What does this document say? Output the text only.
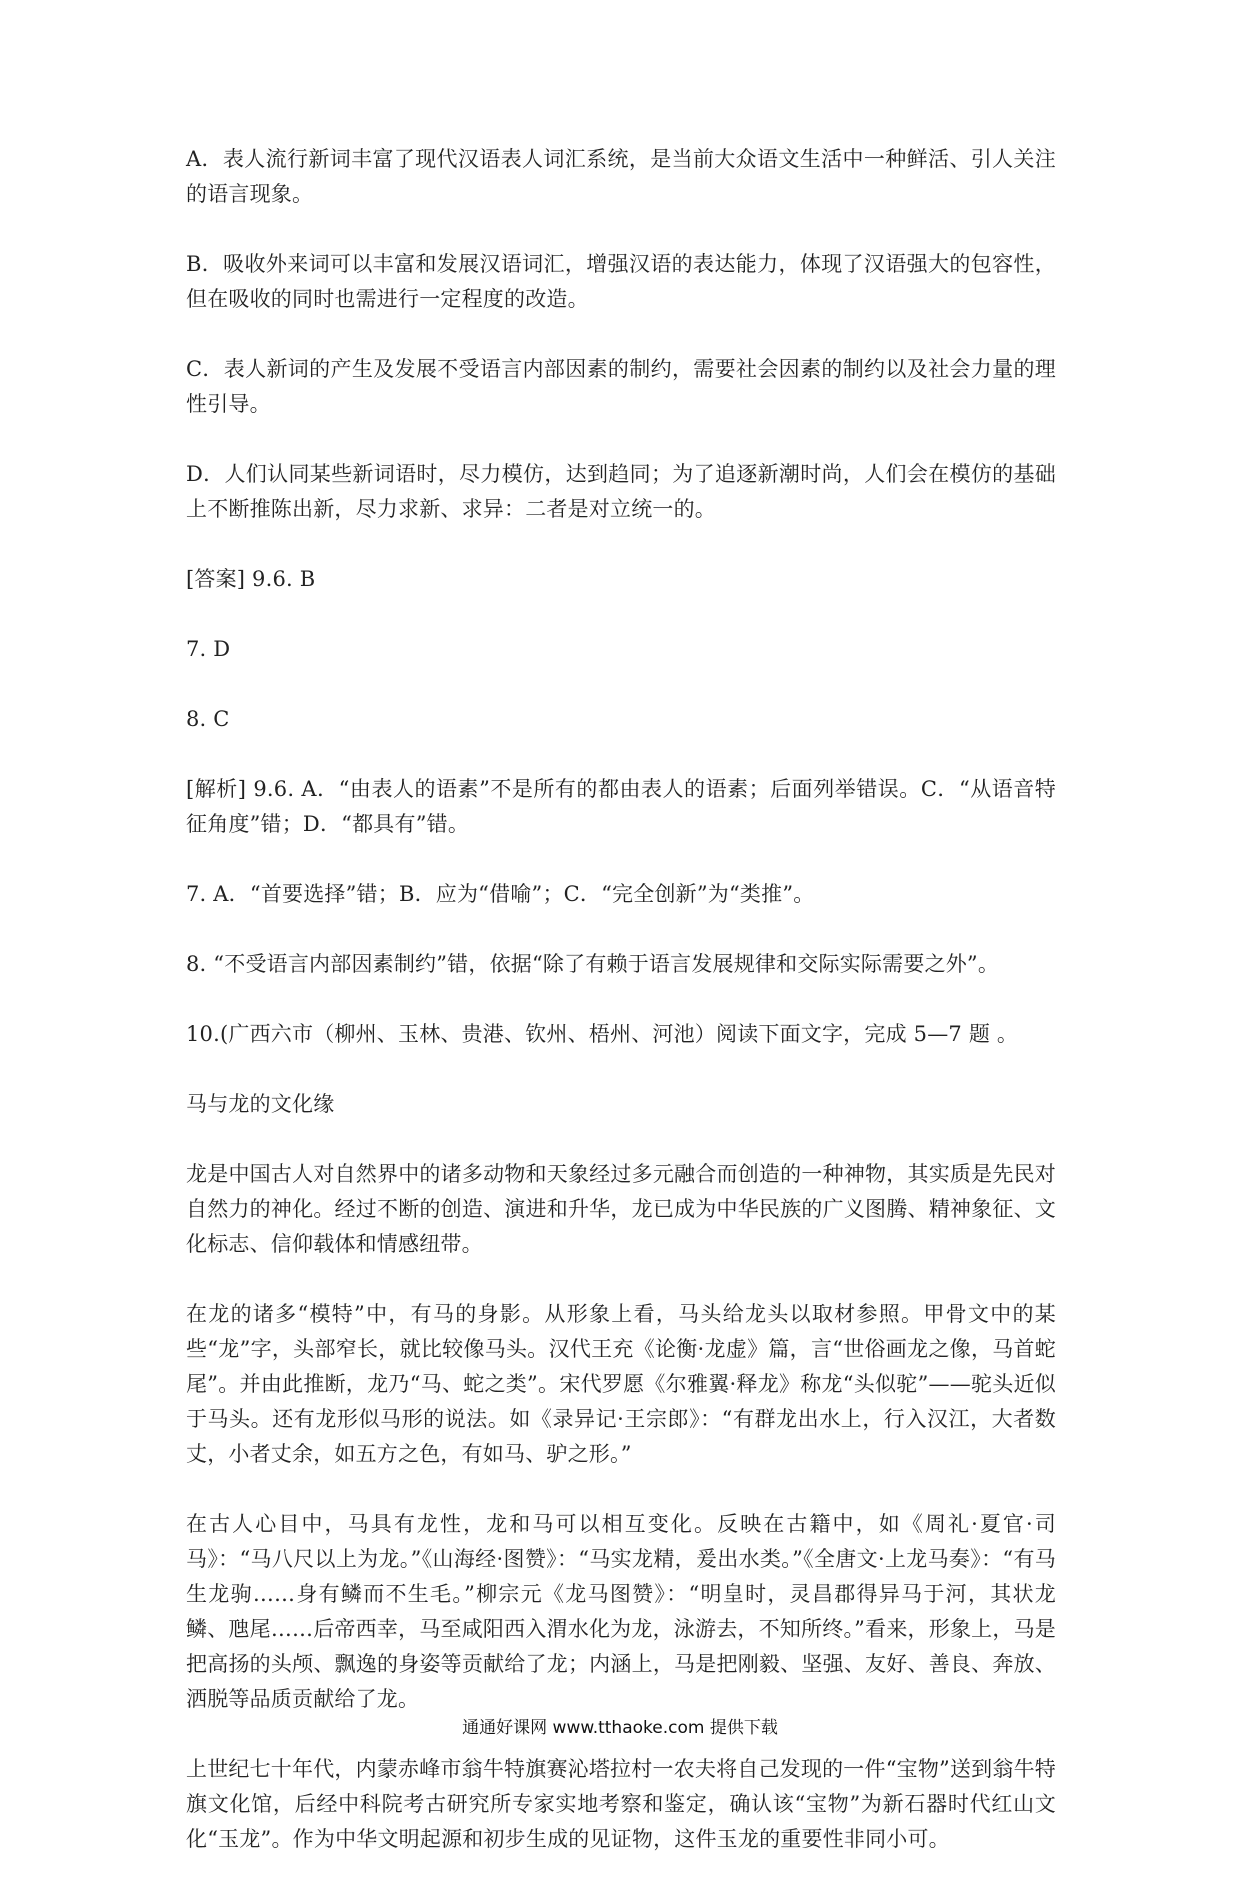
A．表人流行新词丰富了现代汉语表人词汇系统，是当前大众语文生活中一种鲜活、引人关注的语言现象。

B．吸收外来词可以丰富和发展汉语词汇，增强汉语的表达能力，体现了汉语强大的包容性，但在吸收的同时也需进行一定程度的改造。

C．表人新词的产生及发展不受语言内部因素的制约，需要社会因素的制约以及社会力量的理性引导。

D．人们认同某些新词语时，尽力模仿，达到趋同；为了追逐新潮时尚，人们会在模仿的基础上不断推陈出新，尽力求新、求异：二者是对立统一的。

[答案] 9.6. B

7. D

8. C

[解析] 9.6. A．“由表人的语素”不是所有的都由表人的语素；后面列举错误。C．“从语音特征角度”错；D．“都具有”错。

7. A．“首要选择”错；B．应为“借喻”；C．“完全创新”为“类推”。

8. “不受语言内部因素制约”错，依据“除了有赖于语言发展规律和交际实际需要之外”。

10.(广西六市（柳州、玉林、贵港、钦州、梧州、河池）阅读下面文字，完成 5—7 题 。

马与龙的文化缘

龙是中国古人对自然界中的诸多动物和天象经过多元融合而创造的一种神物，其实质是先民对自然力的神化。经过不断的创造、演进和升华，龙已成为中华民族的广义图腾、精神象征、文化标志、信仰载体和情感纽带。

在龙的诸多“模特”中，有马的身影。从形象上看，马头给龙头以取材参照。甲骨文中的某些“龙”字，头部窄长，就比较像马头。汉代王充《论衡·龙虚》篇，言“世俗画龙之像，马首蛇尾”。并由此推断，龙乃“马、蛇之类”。宋代罗愿《尔雅翼·释龙》称龙“头似驼”——驼头近似于马头。还有龙形似马形的说法。如《录异记·王宗郎》：“有群龙出水上，行入汉江，大者数丈，小者丈余，如五方之色，有如马、驴之形。”

在古人心目中，马具有龙性，龙和马可以相互变化。反映在古籍中，如《周礼·夏官·司马》：“马八尺以上为龙。”《山海经·图赞》：“马实龙精，爰出水类。”《全唐文·上龙马奏》：“有马生龙驹……身有鳞而不生毛。”柳宗元《龙马图赞》：“明皇时，灵昌郡得异马于河，其状龙鳞、虺尾……后帝西幸，马至咸阳西入渭水化为龙，泳游去，不知所终。”看来，形象上，马是把高扬的头颅、飘逸的身姿等贡献给了龙；内涵上，马是把刚毅、坚强、友好、善良、奔放、洒脱等品质贡献给了龙。

上世纪七十年代，内蒙赤峰市翁牛特旗赛沁塔拉村一农夫将自己发现的一件“宝物”送到翁牛特旗文化馆，后经中科院考古研究所专家实地考察和鉴定，确认该“宝物”为新石器时代红山文化“玉龙”。作为中华文明起源和初步生成的见证物，这件玉龙的重要性非同小可。

通通好课网 www.tthaoke.com 提供下载
